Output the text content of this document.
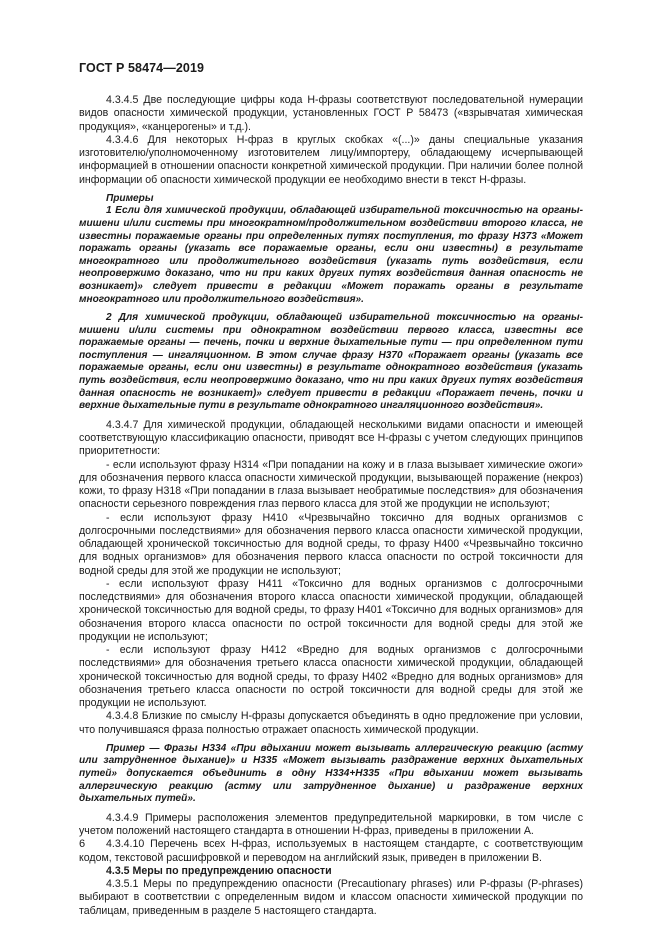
ГОСТ Р 58474—2019

4.3.4.5 Две последующие цифры кода Н-фразы соответствуют последовательной нумерации видов опасности химической продукции, установленных ГОСТ Р 58473 («взрывчатая химическая продукция», «канцерогены» и т.д.).

4.3.4.6 Для некоторых Н-фраз в круглых скобках «(...)» даны специальные указания изготовителю/уполномоченному изготовителем лицу/импортеру, обладающему исчерпывающей информацией в отношении опасности конкретной химической продукции. При наличии более полной информации об опасности химической продукции ее необходимо внести в текст Н-фразы.

Примеры

1 Если для химической продукции, обладающей избирательной токсичностью на органы-мишени и/или системы при многократном/продолжительном воздействии второго класса, не известны поражаемые органы при определенных путях поступления, то фразу Н373 «Может поражать органы (указать все поражаемые органы, если они известны) в результате многократного или продолжительного воздействия (указать путь воздействия, если неопровержимо доказано, что ни при каких других путях воздействия данная опасность не возникает)» следует привести в редакции «Может поражать органы в результате многократного или продолжительного воздействия».

2 Для химической продукции, обладающей избирательной токсичностью на органы-мишени и/или системы при однократном воздействии первого класса, известны все поражаемые органы — печень, почки и верхние дыхательные пути — при определенном пути поступления — ингаляционном. В этом случае фразу Н370 «Поражает органы (указать все поражаемые органы, если они известны) в результате однократного воздействия (указать путь воздействия, если неопровержимо доказано, что ни при каких других путях воздействия данная опасность не возникает)» следует привести в редакции «Поражает печень, почки и верхние дыхательные пути в результате однократного ингаляционного воздействия».

4.3.4.7 Для химической продукции, обладающей несколькими видами опасности и имеющей соответствующую классификацию опасности, приводят все Н-фразы с учетом следующих принципов приоритетности:

- если используют фразу Н314 «При попадании на кожу и в глаза вызывает химические ожоги» для обозначения первого класса опасности химической продукции, вызывающей поражение (некроз) кожи, то фразу Н318 «При попадании в глаза вызывает необратимые последствия» для обозначения опасности серьезного повреждения глаз первого класса для этой же продукции не используют;

- если используют фразу Н410 «Чрезвычайно токсично для водных организмов с долгосрочными последствиями» для обозначения первого класса опасности химической продукции, обладающей хронической токсичностью для водной среды, то фразу Н400 «Чрезвычайно токсично для водных организмов» для обозначения первого класса опасности по острой токсичности для водной среды для этой же продукции не используют;

- если используют фразу Н411 «Токсично для водных организмов с долгосрочными последствиями» для обозначения второго класса опасности химической продукции, обладающей хронической токсичностью для водной среды, то фразу Н401 «Токсично для водных организмов» для обозначения второго класса опасности по острой токсичности для водной среды для этой же продукции не используют;

- если используют фразу Н412 «Вредно для водных организмов с долгосрочными последствиями» для обозначения третьего класса опасности химической продукции, обладающей хронической токсичностью для водной среды, то фразу Н402 «Вредно для водных организмов» для обозначения третьего класса опасности по острой токсичности для водной среды для этой же продукции не используют.

4.3.4.8 Близкие по смыслу Н-фразы допускается объединять в одно предложение при условии, что получившаяся фраза полностью отражает опасность химической продукции.

Пример — Фразы Н334 «При вдыхании может вызывать аллергическую реакцию (астму или затрудненное дыхание)» и Н335 «Может вызывать раздражение верхних дыхательных путей» допускается объединить в одну Н334+Н335 «При вдыхании может вызывать аллергическую реакцию (астму или затрудненное дыхание) и раздражение верхних дыхательных путей».

4.3.4.9 Примеры расположения элементов предупредительной маркировки, в том числе с учетом положений настоящего стандарта в отношении Н-фраз, приведены в приложении А.

4.3.4.10 Перечень всех Н-фраз, используемых в настоящем стандарте, с соответствующим кодом, текстовой расшифровкой и переводом на английский язык, приведен в приложении В.

4.3.5 Меры по предупреждению опасности

4.3.5.1 Меры по предупреждению опасности (Precautionary phrases) или Р-фразы (P-phrases) выбирают в соответствии с определенным видом и классом опасности химической продукции по таблицам, приведенным в разделе 5 настоящего стандарта.

6
